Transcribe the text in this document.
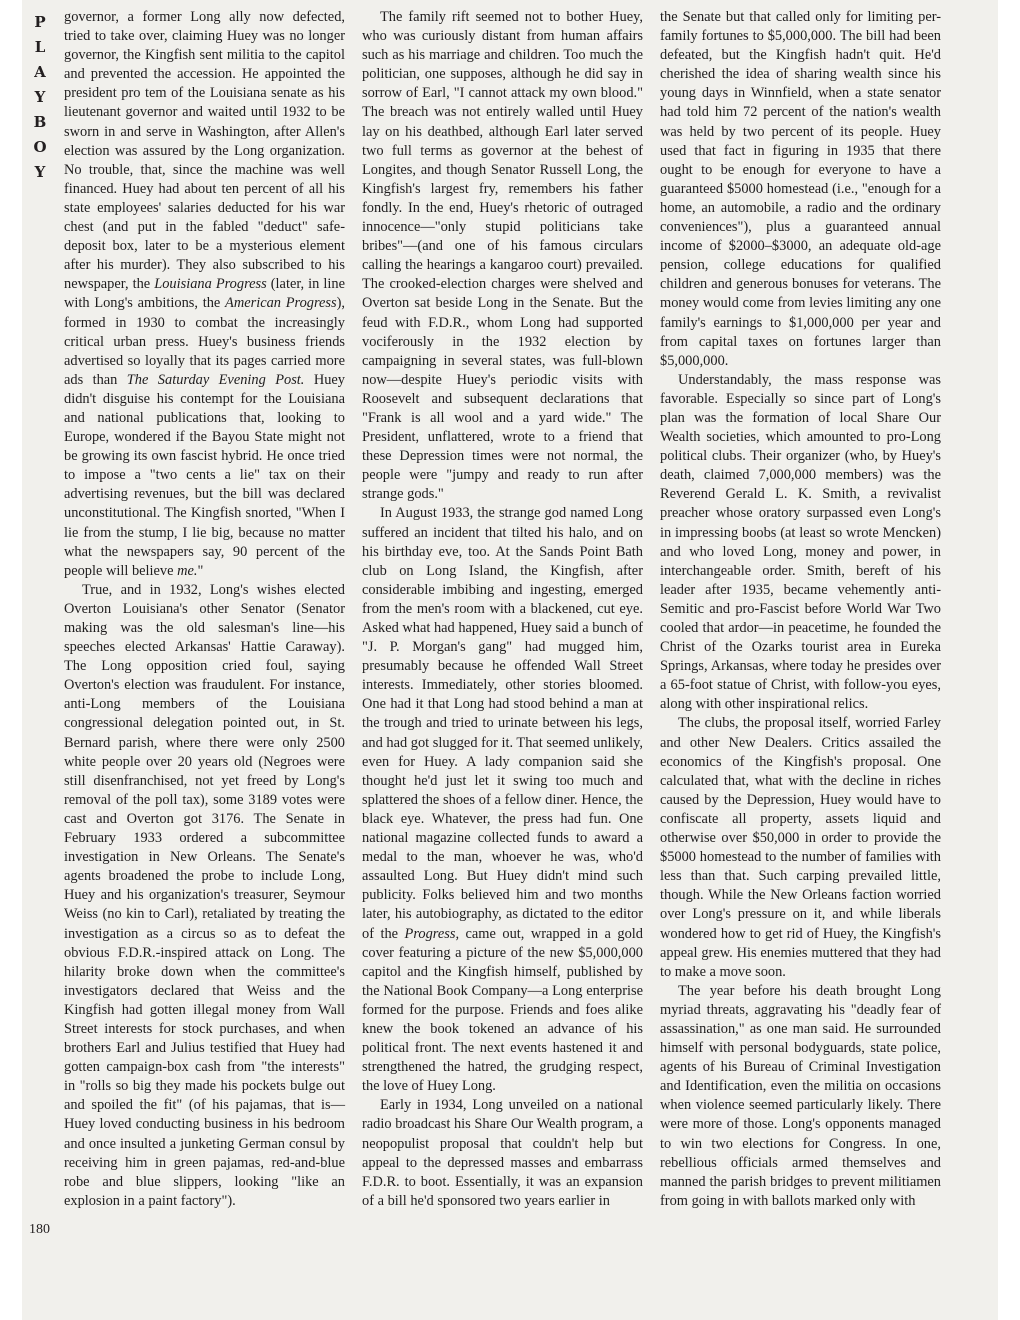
P
L
A
Y
B
O
Y
180

governor, a former Long ally now defected, tried to take over, claiming Huey was no longer governor, the Kingfish sent militia to the capitol and prevented the accession. He appointed the president pro tem of the Louisiana senate as his lieutenant governor and waited until 1932 to be sworn in and serve in Washington, after Allen's election was assured by the Long organization. No trouble, that, since the machine was well financed. Huey had about ten percent of all his state employees' salaries deducted for his war chest (and put in the fabled "deduct" safe-deposit box, later to be a mysterious element after his murder). They also subscribed to his newspaper, the Louisiana Progress (later, in line with Long's ambitions, the American Progress), formed in 1930 to combat the increasingly critical urban press. Huey's business friends advertised so loyally that its pages carried more ads than The Saturday Evening Post. Huey didn't disguise his contempt for the Louisiana and national publications that, looking to Europe, wondered if the Bayou State might not be growing its own fascist hybrid. He once tried to impose a "two cents a lie" tax on their advertising revenues, but the bill was declared unconstitutional. The Kingfish snorted, "When I lie from the stump, I lie big, because no matter what the newspapers say, 90 percent of the people will believe me."

True, and in 1932, Long's wishes elected Overton Louisiana's other Senator (Senator making was the old salesman's line—his speeches elected Arkansas' Hattie Caraway). The Long opposition cried foul, saying Overton's election was fraudulent. For instance, anti-Long members of the Louisiana congressional delegation pointed out, in St. Bernard parish, where there were only 2500 white people over 20 years old (Negroes were still disenfranchised, not yet freed by Long's removal of the poll tax), some 3189 votes were cast and Overton got 3176. The Senate in February 1933 ordered a subcommittee investigation in New Orleans. The Senate's agents broadened the probe to include Long, Huey and his organization's treasurer, Seymour Weiss (no kin to Carl), retaliated by treating the investigation as a circus so as to defeat the obvious F.D.R.-inspired attack on Long. The hilarity broke down when the committee's investigators declared that Weiss and the Kingfish had gotten illegal money from Wall Street interests for stock purchases, and when brothers Earl and Julius testified that Huey had gotten campaign-box cash from "the interests" in "rolls so big they made his pockets bulge out and spoiled the fit" (of his pajamas, that is—Huey loved conducting business in his bedroom and once insulted a junketing German consul by receiving him in green pajamas, red-and-blue robe and blue slippers, looking "like an explosion in a paint factory").

The family rift seemed not to bother Huey, who was curiously distant from human affairs such as his marriage and children. Too much the politician, one supposes, although he did say in sorrow of Earl, "I cannot attack my own blood." The breach was not entirely walled until Huey lay on his deathbed, although Earl later served two full terms as governor at the behest of Longites, and though Senator Russell Long, the Kingfish's largest fry, remembers his father fondly. In the end, Huey's rhetoric of outraged innocence—"only stupid politicians take bribes"—(and one of his famous circulars calling the hearings a kangaroo court) prevailed. The crooked-election charges were shelved and Overton sat beside Long in the Senate. But the feud with F.D.R., whom Long had supported vociferously in the 1932 election by campaigning in several states, was full-blown now—despite Huey's periodic visits with Roosevelt and subsequent declarations that "Frank is all wool and a yard wide." The President, unflattered, wrote to a friend that these Depression times were not normal, the people were "jumpy and ready to run after strange gods."

In August 1933, the strange god named Long suffered an incident that tilted his halo, and on his birthday eve, too. At the Sands Point Bath club on Long Island, the Kingfish, after considerable imbibing and ingesting, emerged from the men's room with a blackened, cut eye. Asked what had happened, Huey said a bunch of "J. P. Morgan's gang" had mugged him, presumably because he offended Wall Street interests. Immediately, other stories bloomed. One had it that Long had stood behind a man at the trough and tried to urinate between his legs, and had got slugged for it. That seemed unlikely, even for Huey. A lady companion said she thought he'd just let it swing too much and splattered the shoes of a fellow diner. Hence, the black eye. Whatever, the press had fun. One national magazine collected funds to award a medal to the man, whoever he was, who'd assaulted Long. But Huey didn't mind such publicity. Folks believed him and two months later, his autobiography, as dictated to the editor of the Progress, came out, wrapped in a gold cover featuring a picture of the new $5,000,000 capitol and the Kingfish himself, published by the National Book Company—a Long enterprise formed for the purpose. Friends and foes alike knew the book tokened an advance of his political front. The next events hastened it and strengthened the hatred, the grudging respect, the love of Huey Long.

Early in 1934, Long unveiled on a national radio broadcast his Share Our Wealth program, a neopopulist proposal that couldn't help but appeal to the depressed masses and embarrass F.D.R. to boot. Essentially, it was an expansion of a bill he'd sponsored two years earlier in

the Senate but that called only for limiting per-family fortunes to $5,000,000. The bill had been defeated, but the Kingfish hadn't quit. He'd cherished the idea of sharing wealth since his young days in Winnfield, when a state senator had told him 72 percent of the nation's wealth was held by two percent of its people. Huey used that fact in figuring in 1935 that there ought to be enough for everyone to have a guaranteed $5000 homestead (i.e., "enough for a home, an automobile, a radio and the ordinary conveniences"), plus a guaranteed annual income of $2000–$3000, an adequate old-age pension, college educations for qualified children and generous bonuses for veterans. The money would come from levies limiting any one family's earnings to $1,000,000 per year and from capital taxes on fortunes larger than $5,000,000.

Understandably, the mass response was favorable. Especially so since part of Long's plan was the formation of local Share Our Wealth societies, which amounted to pro-Long political clubs. Their organizer (who, by Huey's death, claimed 7,000,000 members) was the Reverend Gerald L. K. Smith, a revivalist preacher whose oratory surpassed even Long's in impressing boobs (at least so wrote Mencken) and who loved Long, money and power, in interchangeable order. Smith, bereft of his leader after 1935, became vehemently anti-Semitic and pro-Fascist before World War Two cooled that ardor—in peacetime, he founded the Christ of the Ozarks tourist area in Eureka Springs, Arkansas, where today he presides over a 65-foot statue of Christ, with follow-you eyes, along with other inspirational relics.

The clubs, the proposal itself, worried Farley and other New Dealers. Critics assailed the economics of the Kingfish's proposal. One calculated that, what with the decline in riches caused by the Depression, Huey would have to confiscate all property, assets liquid and otherwise over $50,000 in order to provide the $5000 homestead to the number of families with less than that. Such carping prevailed little, though. While the New Orleans faction worried over Long's pressure on it, and while liberals wondered how to get rid of Huey, the Kingfish's appeal grew. His enemies muttered that they had to make a move soon.

The year before his death brought Long myriad threats, aggravating his "deadly fear of assassination," as one man said. He surrounded himself with personal bodyguards, state police, agents of his Bureau of Criminal Investigation and Identification, even the militia on occasions when violence seemed particularly likely. There were more of those. Long's opponents managed to win two elections for Congress. In one, rebellious officials armed themselves and manned the parish bridges to prevent militiamen from going in with ballots marked only with
